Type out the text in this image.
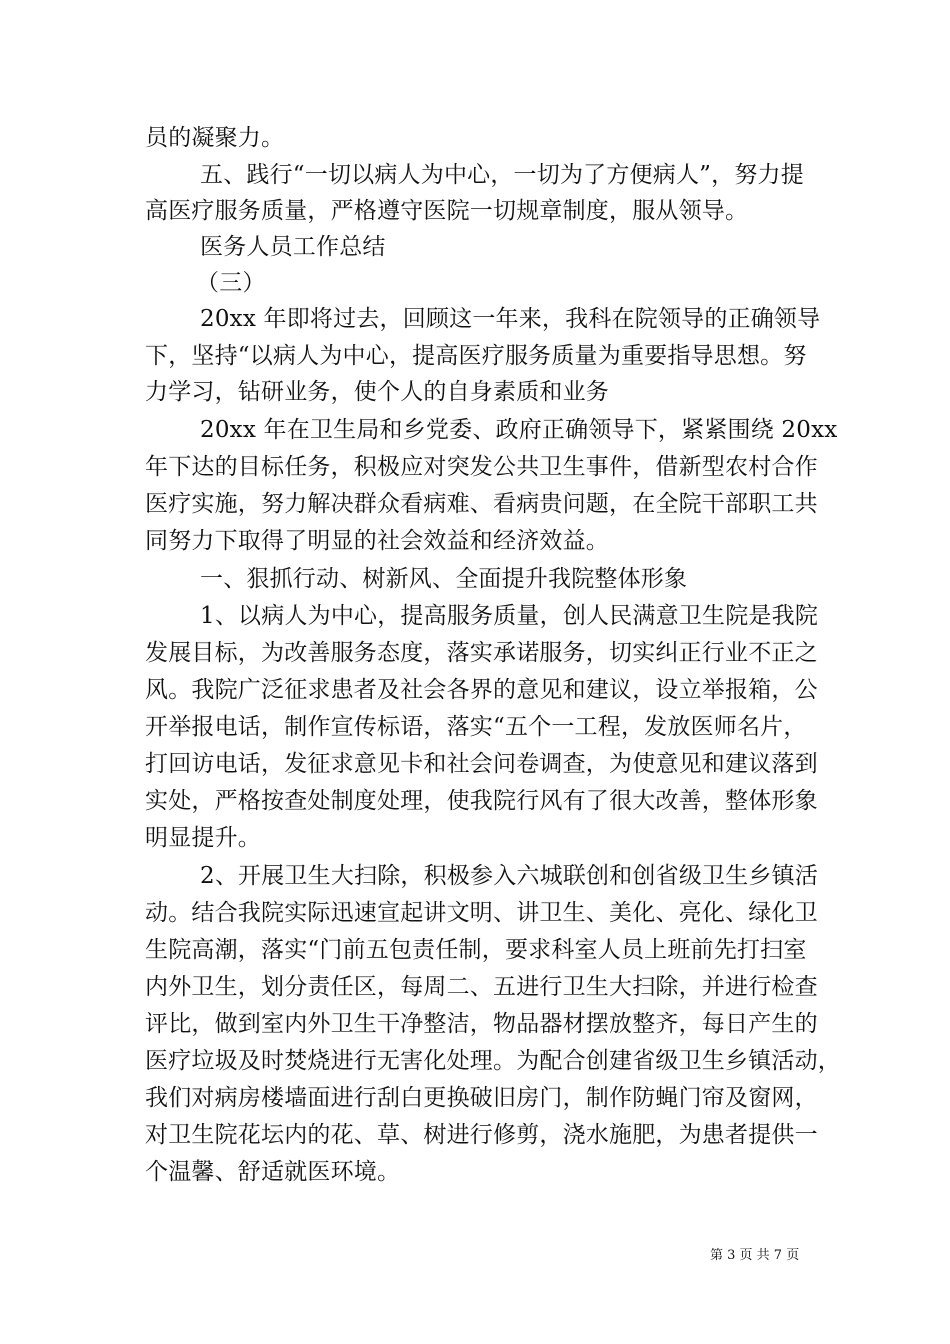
员的凝聚力。
五、践行“一切以病人为中心，一切为了方便病人”，努力提
高医疗服务质量，严格遵守医院一切规章制度，服从领导。
医务人员工作总结
（三）
20xx 年即将过去，回顾这一年来，我科在院领导的正确领导
下，坚持“以病人为中心，提高医疗服务质量为重要指导思想。努
力学习，钻研业务，使个人的自身素质和业务
20xx 年在卫生局和乡党委、政府正确领导下，紧紧围绕 20xx
年下达的目标任务，积极应对突发公共卫生事件，借新型农村合作
医疗实施，努力解决群众看病难、看病贵问题，在全院干部职工共
同努力下取得了明显的社会效益和经济效益。
一、狠抓行动、树新风、全面提升我院整体形象
1、以病人为中心，提高服务质量，创人民满意卫生院是我院
发展目标，为改善服务态度，落实承诺服务，切实纠正行业不正之
风。我院广泛征求患者及社会各界的意见和建议，设立举报箱，公
开举报电话，制作宣传标语，落实“五个一工程，发放医师名片，
打回访电话，发征求意见卡和社会问卷调查，为使意见和建议落到
实处，严格按查处制度处理，使我院行风有了很大改善，整体形象
明显提升。
2、开展卫生大扫除，积极参入六城联创和创省级卫生乡镇活
动。结合我院实际迅速宣起讲文明、讲卫生、美化、亮化、绿化卫
生院高潮，落实“门前五包责任制，要求科室人员上班前先打扫室
内外卫生，划分责任区，每周二、五进行卫生大扫除，并进行检查
评比，做到室内外卫生干净整洁，物品器材摆放整齐，每日产生的
医疗垃圾及时焚烧进行无害化处理。为配合创建省级卫生乡镇活动，
我们对病房楼墙面进行刮白更换破旧房门，制作防蝇门帘及窗网，
对卫生院花坛内的花、草、树进行修剪，浇水施肥，为患者提供一
个温馨、舒适就医环境。
第 3 页 共 7 页
